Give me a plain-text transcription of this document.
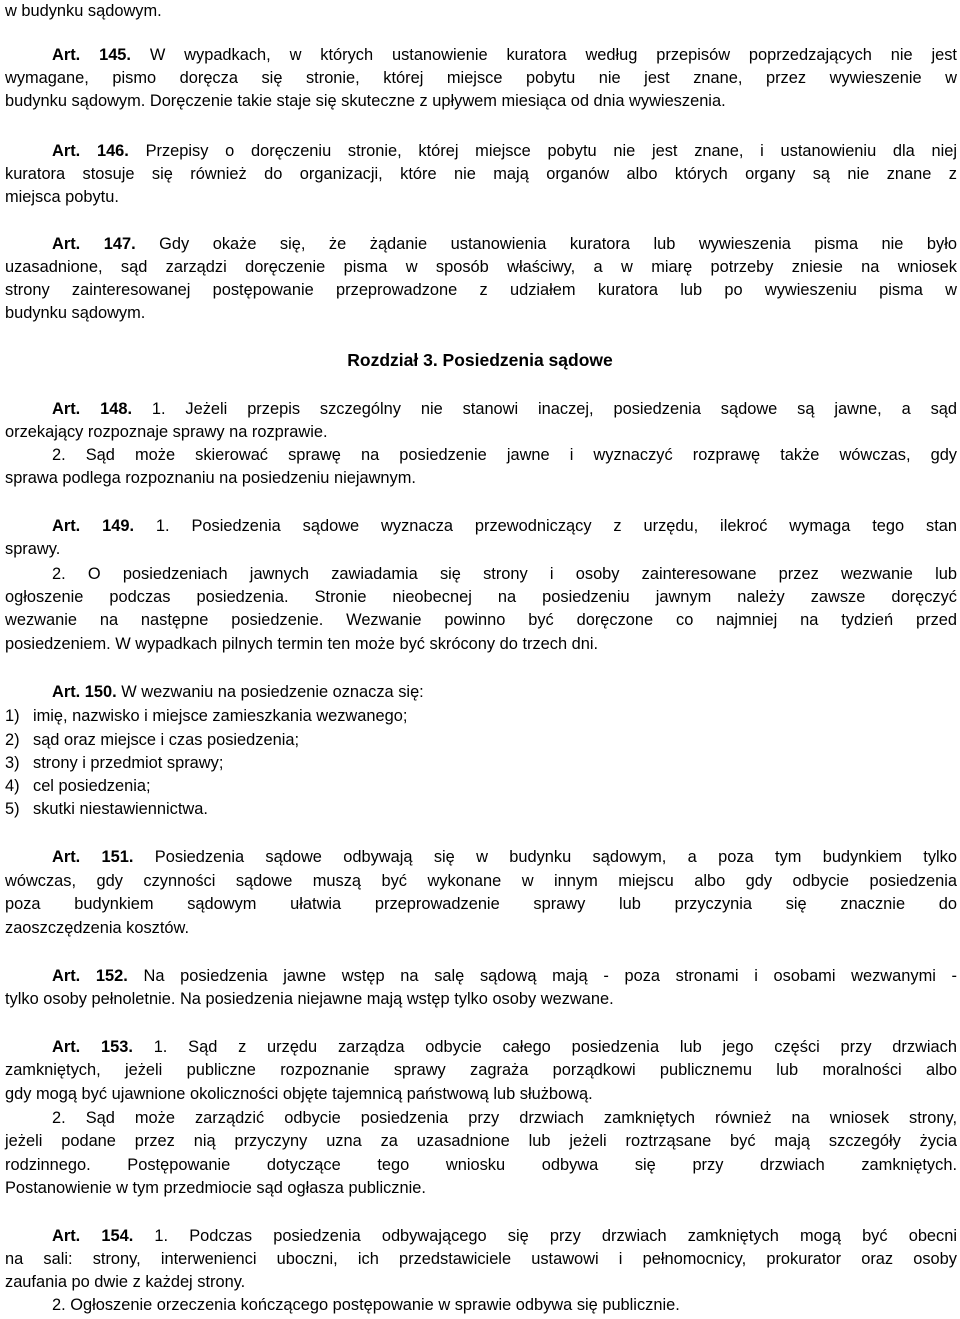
w budynku sądowym.
Art. 145. W wypadkach, w których ustanowienie kuratora według przepisów poprzedzających nie jest
wymagane, pismo doręcza się stronie, której miejsce pobytu nie jest znane, przez wywieszenie w
budynku sądowym. Doręczenie takie staje się skuteczne z upływem miesiąca od dnia wywieszenia.
Art. 146. Przepisy o doręczeniu stronie, której miejsce pobytu nie jest znane, i ustanowieniu dla niej
kuratora stosuje się również do organizacji, które nie mają organów albo których organy są nie znane z
miejsca pobytu.
Art. 147. Gdy okaże się, że żądanie ustanowienia kuratora lub wywieszenia pisma nie było
uzasadnione, sąd zarządzi doręczenie pisma w sposób właściwy, a w miarę potrzeby zniesie na wniosek
strony zainteresowanej postępowanie przeprowadzone z udziałem kuratora lub po wywieszeniu pisma w
budynku sądowym.
Rozdział 3. Posiedzenia sądowe
Art. 148. 1. Jeżeli przepis szczególny nie stanowi inaczej, posiedzenia sądowe są jawne, a sąd
orzekający rozpoznaje sprawy na rozprawie.
2. Sąd może skierować sprawę na posiedzenie jawne i wyznaczyć rozprawę także wówczas, gdy
sprawa podlega rozpoznaniu na posiedzeniu niejawnym.
Art. 149. 1. Posiedzenia sądowe wyznacza przewodniczący z urzędu, ilekroć wymaga tego stan
sprawy.
2. O posiedzeniach jawnych zawiadamia się strony i osoby zainteresowane przez wezwanie lub
ogłoszenie podczas posiedzenia. Stronie nieobecnej na posiedzeniu jawnym należy zawsze doręczyć
wezwanie na następne posiedzenie. Wezwanie powinno być doręczone co najmniej na tydzień przed
posiedzeniem. W wypadkach pilnych termin ten może być skrócony do trzech dni.
Art. 150. W wezwaniu na posiedzenie oznacza się:
1) imię, nazwisko i miejsce zamieszkania wezwanego;
2) sąd oraz miejsce i czas posiedzenia;
3) strony i przedmiot sprawy;
4) cel posiedzenia;
5) skutki niestawiennictwa.
Art. 151. Posiedzenia sądowe odbywają się w budynku sądowym, a poza tym budynkiem tylko
wówczas, gdy czynności sądowe muszą być wykonane w innym miejscu albo gdy odbycie posiedzenia
poza budynkiem sądowym ułatwia przeprowadzenie sprawy lub przyczynia się znacznie do
zaoszczędzenia kosztów.
Art. 152. Na posiedzenia jawne wstęp na salę sądową mają - poza stronami i osobami wezwanymi -
tylko osoby pełnoletnie. Na posiedzenia niejawne mają wstęp tylko osoby wezwane.
Art. 153. 1. Sąd z urzędu zarządza odbycie całego posiedzenia lub jego części przy drzwiach
zamkniętych, jeżeli publiczne rozpoznanie sprawy zagraża porządkowi publicznemu lub moralności albo
gdy mogą być ujawnione okoliczności objęte tajemnicą państwową lub służbową.
2. Sąd może zarządzić odbycie posiedzenia przy drzwiach zamkniętych również na wniosek strony,
jeżeli podane przez nią przyczyny uzna za uzasadnione lub jeżeli roztrząsane być mają szczegóły życia
rodzinnego. Postępowanie dotyczące tego wniosku odbywa się przy drzwiach zamkniętych.
Postanowienie w tym przedmiocie sąd ogłasza publicznie.
Art. 154. 1. Podczas posiedzenia odbywającego się przy drzwiach zamkniętych mogą być obecni
na sali: strony, interwenienci uboczni, ich przedstawiciele ustawowi i pełnomocnicy, prokurator oraz osoby
zaufania po dwie z każdej strony.
2. Ogłoszenie orzeczenia kończącego postępowanie w sprawie odbywa się publicznie.
